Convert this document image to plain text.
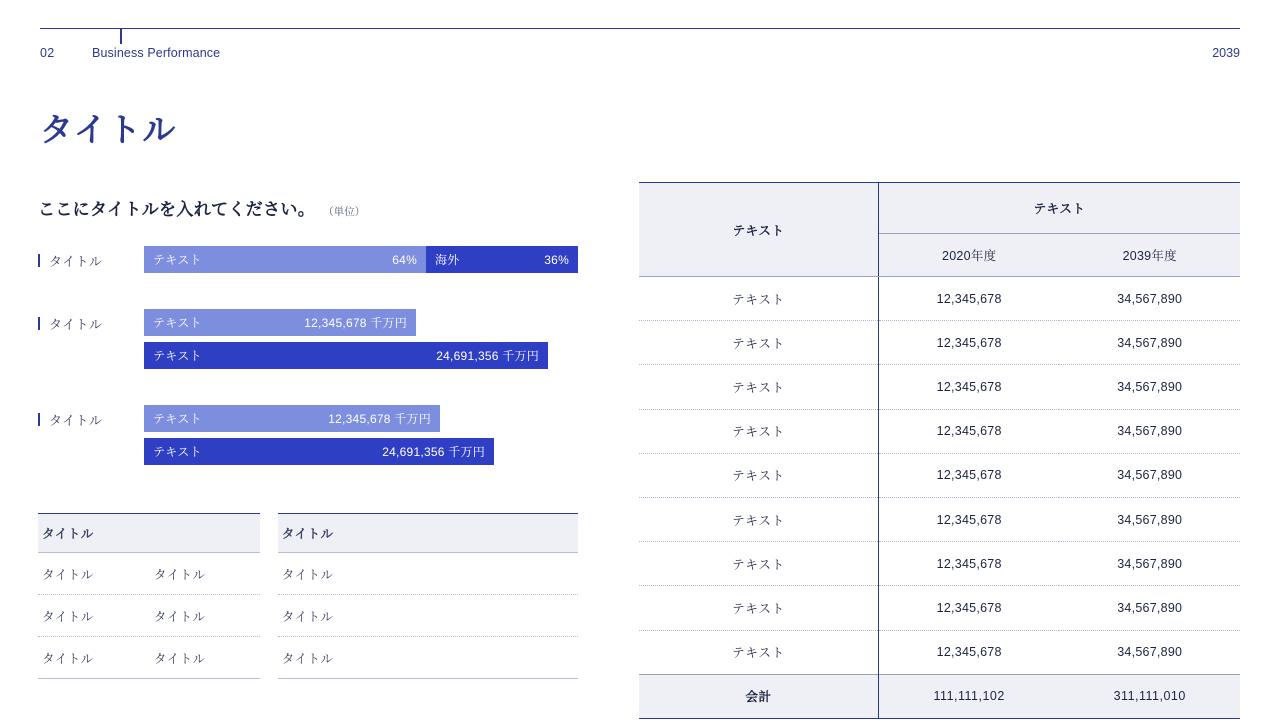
02	Business Performance	2039
タイトル
ここにタイトルを入れてください。 （単位）
タイトル	テキスト	64% 海外	36%
タイトル	テキスト	12,345,678 千万円
テキスト	24,691,356 千万円
タイトル	テキスト	12,345,678 千万円
テキスト	24,691,356 千万円
タイトル
タイトル	タイトル
タイトル	タイトル
タイトル	タイトル
タイトル
タイトル
タイトル
タイトル
テキスト	テキスト	
	2020年度	2039年度
テキスト	12,345,678	34,567,890
テキスト	12,345,678	34,567,890
テキスト	12,345,678	34,567,890
テキスト	12,345,678	34,567,890
テキスト	12,345,678	34,567,890
テキスト	12,345,678	34,567,890
テキスト	12,345,678	34,567,890
テキスト	12,345,678	34,567,890
テキスト	12,345,678	34,567,890
会計	111,111,102	311,111,010
